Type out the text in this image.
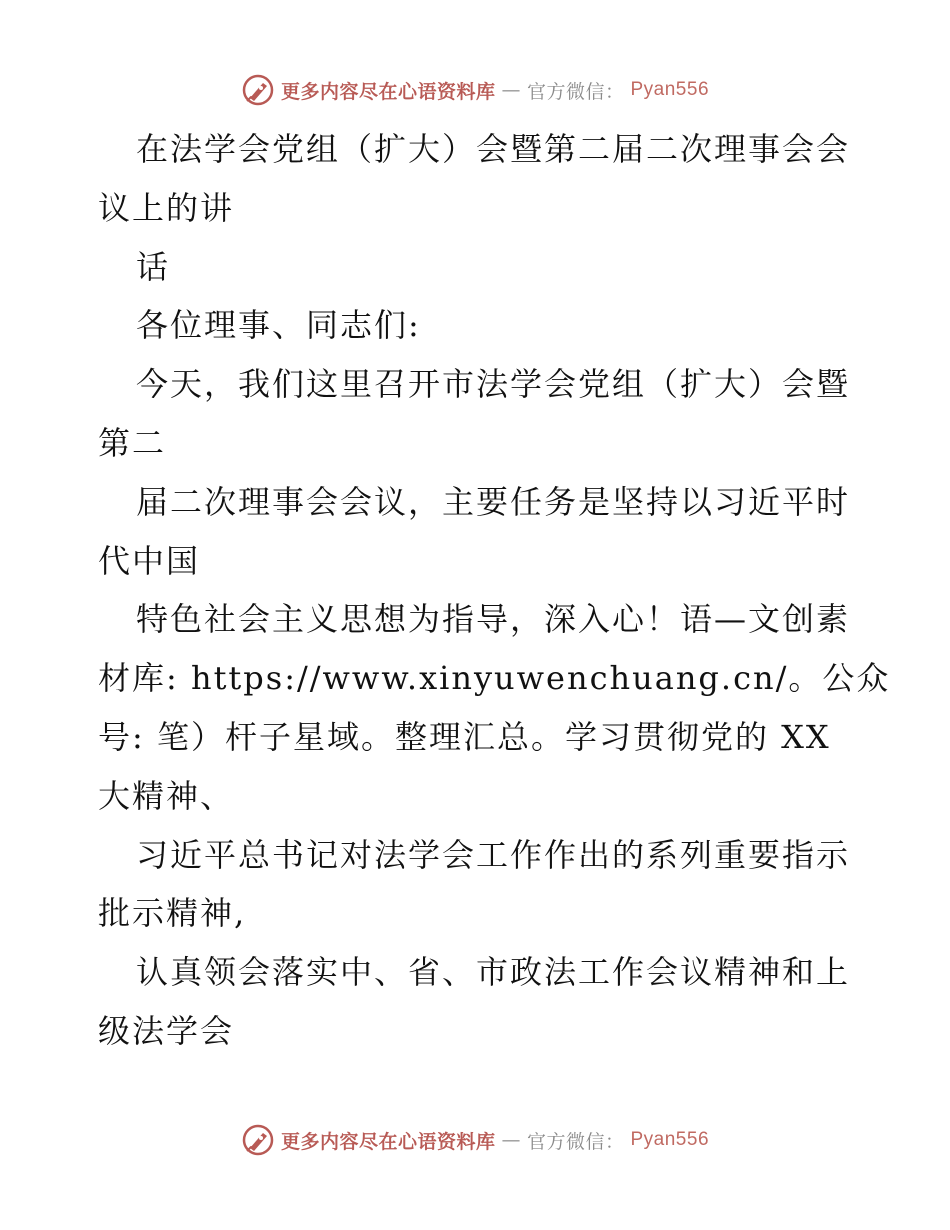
更多内容尽在心语资料库 — 官方微信： Pyan556
在法学会党组（扩大）会暨第二届二次理事会会
议上的讲
话
各位理事、同志们:
今天，我们这里召开市法学会党组（扩大）会暨
第二
届二次理事会会议，主要任务是坚持以习近平时
代中国
特色社会主义思想为指导，深入心！语—文创素
材库: https://www.xinyuwenchuang.cn/。公众
号: 笔）杆子星域。整理汇总。学习贯彻党的 XX
大精神、
习近平总书记对法学会工作作出的系列重要指示
批示精神,
认真领会落实中、省、市政法工作会议精神和上
级法学会
更多内容尽在心语资料库 — 官方微信： Pyan556
